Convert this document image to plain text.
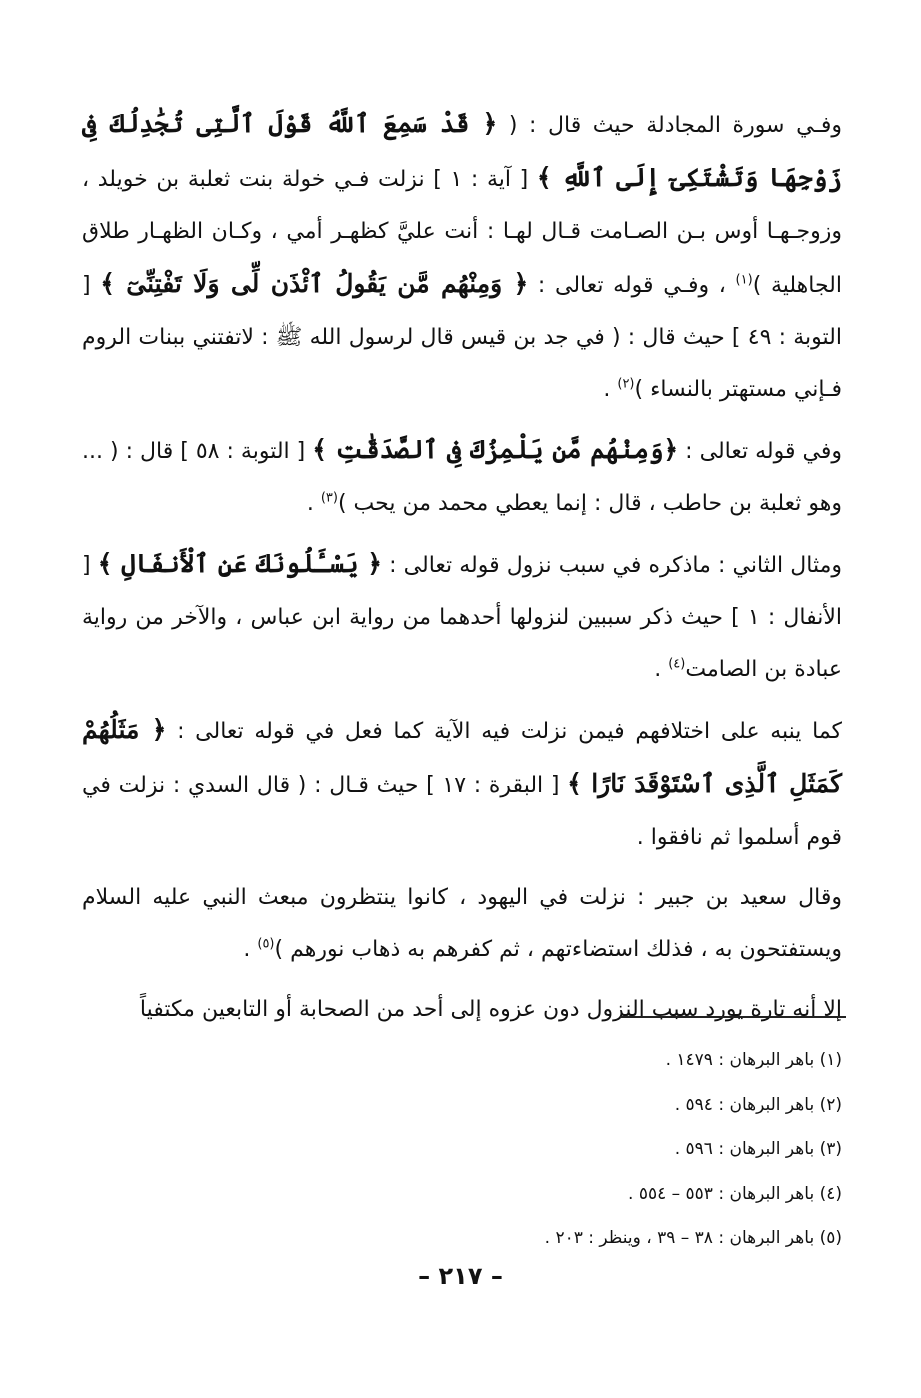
وفـي سورة المجادلة حيث قال : ( ﴿ قَدْ سَمِعَ ٱللَّهُ قَوْلَ ٱلَّتِى تُجَٰدِلُكَ فِى زَوْجِهَا وَتَشْتَكِىٓ إِلَى ٱللَّهِ ﴾ [ آية : ١ ] نزلت فـي خولة بنت ثعلبة بن خويلد ، وزوجـهـا أوس بـن الصـامت قـال لهـا : أنت عليَّ كظهـر أمي ، وكـان الظهـار طلاق الجاهلية )$^{(١)}$ ، وفـي قوله تعالى : ﴿ وَمِنْهُم مَّن يَقُولُ ٱئْذَن لِّى وَلَا تَفْتِنِّىٓ ﴾ [ التوبة : ٤٩ ] حيث قال : ( في جد بن قيس قال لرسول الله ﷺ : لاتفتني ببنات الروم فـإني مستهتر بالنساء )$^{(٢)}$ .

وفي قوله تعالى : ﴿وَمِنْهُم مَّن يَلْمِزُكَ فِى ٱلصَّدَقَٰتِ ﴾ [ التوبة : ٥٨ ] قال : ( ... وهو ثعلبة بن حاطب ، قال : إنما يعطي محمد من يحب )$^{(٣)}$ .

ومثال الثاني : ماذكره في سبب نزول قوله تعالى : ﴿ يَسْـَٔلُونَكَ عَنِ ٱلْأَنفَالِ ﴾ [ الأنفال : ١ ] حيث ذكر سببين لنزولها أحدهما من رواية ابن عباس ، والآخر من رواية عبادة بن الصامت$^{(٤)}$ .

كما ينبه على اختلافهم فيمن نزلت فيه الآية كما فعل في قوله تعالى : ﴿ مَثَلُهُمْ كَمَثَلِ ٱلَّذِى ٱسْتَوْقَدَ نَارًا ﴾ [ البقرة : ١٧ ] حيث قـال : ( قال السدي : نزلت في قوم أسلموا ثم نافقوا .

وقال سعيد بن جبير : نزلت في اليهود ، كانوا ينتظرون مبعث النبي عليه السلام ويستفتحون به ، فذلك استضاءتهم ، ثم كفرهم به ذهاب نورهم )$^{(٥)}$ .

إلا أنه تارة يورد سبب النزول دون عزوه إلى أحد من الصحابة أو التابعين مكتفياً

(١) باهر البرهان : ١٤٧٩ .
(٢) باهر البرهان : ٥٩٤ .
(٣) باهر البرهان : ٥٩٦ .
(٤) باهر البرهان : ٥٥٣ – ٥٥٤ .
(٥) باهر البرهان : ٣٨ – ٣٩ ، وينظر : ٢٠٣ .
– ٢١٧ –
